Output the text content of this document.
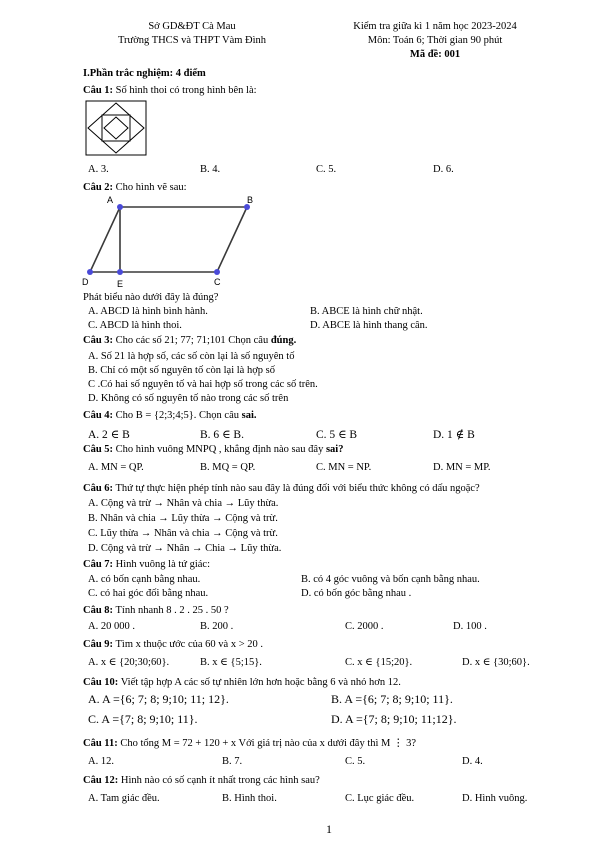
Sở GD&ĐT Cà Mau
Trường THCS và THPT Vàm Đình
Kiểm tra giữa kì 1 năm học 2023-2024
Môn: Toán 6; Thời gian 90 phút
Mã đề: 001
I.Phần trắc nghiệm: 4 điểm
Câu 1: Số hình thoi có trong hình bên là:
A. 3.	B. 4.	C. 5.	D. 6.
Câu 2: Cho hình vẽ sau:
A	B
C
D	E
Phát biểu nào dưới đây là đúng?
A. ABCD là hình bình hành.	B. ABCE là hình chữ nhật.
C. ABCD là hình thoi.	D. ABCE là hình thang cân.
Câu 3: Cho các số 21; 77; 71;101 Chọn câu đúng.
A. Số 21 là hợp số, các số còn lại là số nguyên tố
B. Chỉ có một số nguyên tố còn lại là hợp số
C .Có hai số nguyên tố và hai hợp số trong các số trên.
D. Không có số nguyên tố nào trong các số trên
Câu 4: Cho B = {2;3;4;5}. Chọn câu sai.
A. 2 ∈ B	B. 6 ∈ B.	C. 5 ∈ B	D. 1 ∉ B
Câu 5: Cho hình vuông MNPQ , khẳng định nào sau đây sai?
A. MN = QP.	B. MQ = QP.	C. MN = NP.	D. MN = MP.
Câu 6: Thứ tự thực hiện phép tính nào sau đây là đúng đối với biểu thức không có dấu ngoặc?
A. Cộng và trừ → Nhân và chia → Lũy thừa.
B. Nhân và chia → Lũy thừa → Cộng và trừ.
C. Lũy thừa → Nhân và chia → Cộng và trừ.
D. Cộng và trừ → Nhân → Chia → Lũy thừa.
Câu 7: Hình vuông là tứ giác:
A. có bốn cạnh bằng nhau.	B. có 4 góc vuông và bốn cạnh bằng nhau.
C. có hai góc đối bằng nhau.	D. có bốn góc bằng nhau .
Câu 8: Tính nhanh 8 . 2 . 25 . 50 ?
A. 20 000 .	B. 200 .	C. 2000 .	D. 100 .
Câu 9: Tìm x thuộc ước của 60 và x > 20 .
A. x ∈ {20;30;60}.	B. x ∈ {5;15}.	C. x ∈ {15;20}.	D. x ∈ {30;60}.
Câu 10: Viết tập hợp A các số tự nhiên lớn hơn hoặc bằng 6 và nhỏ hơn 12.
A. A ={6; 7; 8; 9;10; 11; 12}.	B. A ={6; 7; 8; 9;10; 11}.
C. A ={7; 8; 9;10; 11}.	D. A ={7; 8; 9;10; 11;12}.
Câu 11: Cho tổng M = 72 + 120 + x Với giá trị nào của x dưới đây thì M ⋮ 3?
A. 12.	B. 7.	C. 5.	D. 4.
Câu 12: Hình nào có số cạnh ít nhất trong các hình sau?
A. Tam giác đều.	B. Hình thoi.	C. Lục giác đều.	D. Hình vuông.
1
